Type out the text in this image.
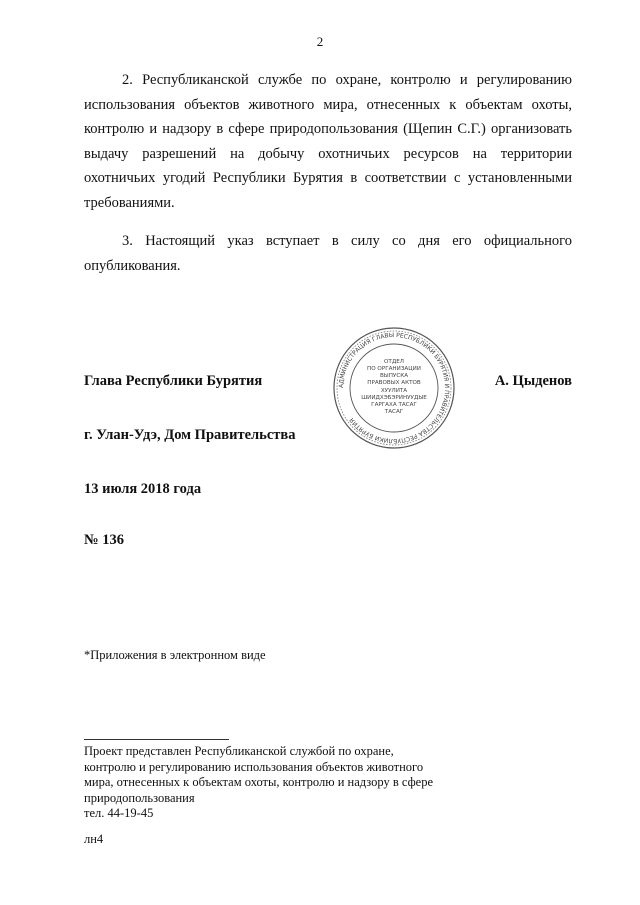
2

2. Республиканской службе по охране, контролю и регулированию использования объектов животного мира, отнесенных к объектам охоты, контролю и надзору в сфере природопользования (Щепин С.Г.) организовать выдачу разрешений на добычу охотничьих ресурсов на территории охотничьих угодий Республики Бурятия в соответствии с установленными требованиями.

3. Настоящий указ вступает в силу со дня его официального опубликования.

Глава Республики Бурятия	А. Цыденов
АДМИНИСТРАЦИЯ ГЛАВЫ РЕСПУБЛИКИ БУРЯТИЯ И ПРАВИТЕЛЬСТВА РЕСПУБЛИКИ БУРЯТИЯ
ОТДЕЛ
ПО ОРГАНИЗАЦИИ
ВЫПУСКА
ПРАВОВЫХ АКТОВ
ХУУЛИТА
ШИИДХЭБЭРИНУУДЫЕ
ГАРГАХА ТАСАГ
ТАСАГ
г. Улан-Удэ, Дом Правительства
13 июля 2018 года
№ 136
*Приложения в электронном виде

Проект представлен Республиканской службой по охране, контролю и регулированию использования объектов животного мира, отнесенных к объектам охоты, контролю и надзору в сфере природопользования

тел. 44-19-45
лн4
